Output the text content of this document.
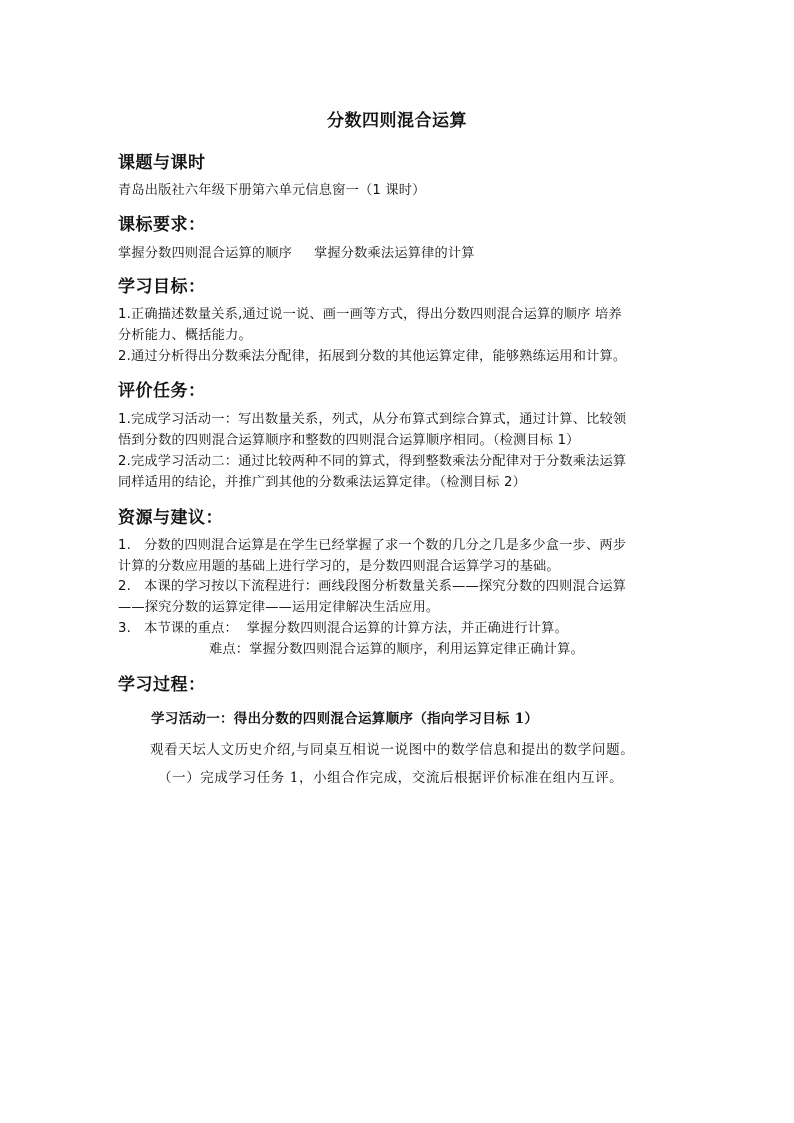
分数四则混合运算
课题与课时
青岛出版社六年级下册第六单元信息窗一（1 课时）
课标要求：
掌握分数四则混合运算的顺序     掌握分数乘法运算律的计算
学习目标：
1.正确描述数量关系,通过说一说、画一画等方式，得出分数四则混合运算的顺序 培养
分析能力、概括能力。
2.通过分析得出分数乘法分配律，拓展到分数的其他运算定律，能够熟练运用和计算。
评价任务：
1.完成学习活动一：写出数量关系，列式，从分布算式到综合算式，通过计算、比较领
悟到分数的四则混合运算顺序和整数的四则混合运算顺序相同。（检测目标 1）
2.完成学习活动二：通过比较两种不同的算式，得到整数乘法分配律对于分数乘法运算
同样适用的结论，并推广到其他的分数乘法运算定律。（检测目标 2）
资源与建议：
1.   分数的四则混合运算是在学生已经掌握了求一个数的几分之几是多少盒一步、两步
计算的分数应用题的基础上进行学习的，是分数四则混合运算学习的基础。
2.   本课的学习按以下流程进行：画线段图分析数量关系——探究分数的四则混合运算
——探究分数的运算定律——运用定律解决生活应用。
3.   本节课的重点：  掌握分数四则混合运算的计算方法，并正确进行计算。
难点：掌握分数四则混合运算的顺序，利用运算定律正确计算。
学习过程：
学习活动一：得出分数的四则混合运算顺序（指向学习目标 1）
观看天坛人文历史介绍,与同桌互相说一说图中的数学信息和提出的数学问题。
（一）完成学习任务 1，小组合作完成，交流后根据评价标准在组内互评。
